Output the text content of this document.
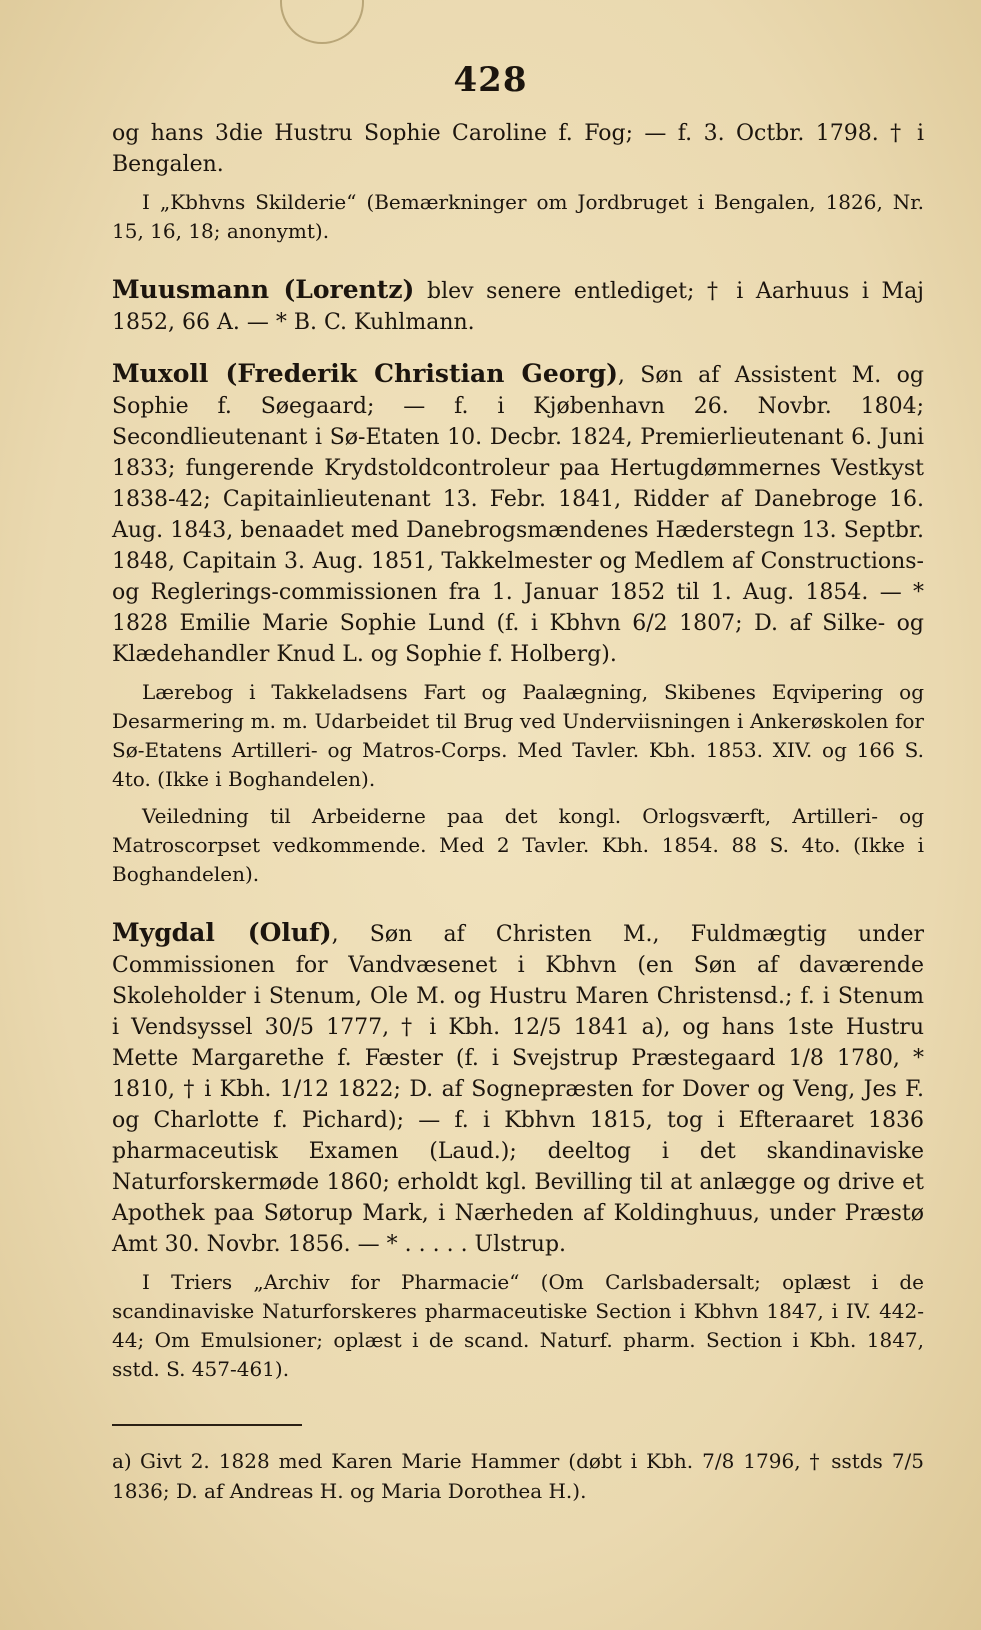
428

og hans 3die Hustru Sophie Caroline f. Fog; — f. 3. Octbr. 1798. † i Bengalen.

I „Kbhvns Skilderie“ (Bemærkninger om Jordbruget i Bengalen, 1826, Nr. 15, 16, 18; anonymt).

Muusmann (Lorentz) blev senere entlediget; † i Aarhuus i Maj 1852, 66 A. — * B. C. Kuhlmann.

Muxoll (Frederik Christian Georg), Søn af Assistent M. og Sophie f. Søegaard; — f. i Kjøbenhavn 26. Novbr. 1804; Secondlieutenant i Sø-Etaten 10. Decbr. 1824, Premierlieutenant 6. Juni 1833; fungerende Krydstoldcontroleur paa Hertugdømmernes Vestkyst 1838-42; Capitainlieutenant 13. Febr. 1841, Ridder af Danebroge 16. Aug. 1843, benaadet med Danebrogsmændenes Hæderstegn 13. Septbr. 1848, Capitain 3. Aug. 1851, Takkelmester og Medlem af Constructions- og Reglerings-commissionen fra 1. Januar 1852 til 1. Aug. 1854. — * 1828 Emilie Marie Sophie Lund (f. i Kbhvn 6/2 1807; D. af Silke- og Klædehandler Knud L. og Sophie f. Holberg).

Lærebog i Takkeladsens Fart og Paalægning, Skibenes Eqvipering og Desarmering m. m. Udarbeidet til Brug ved Underviisningen i Ankerøskolen for Sø-Etatens Artilleri- og Matros-Corps. Med Tavler. Kbh. 1853. XIV. og 166 S. 4to. (Ikke i Boghandelen).

Veiledning til Arbeiderne paa det kongl. Orlogsværft, Artilleri- og Matroscorpset vedkommende. Med 2 Tavler. Kbh. 1854. 88 S. 4to. (Ikke i Boghandelen).

Mygdal (Oluf), Søn af Christen M., Fuldmægtig under Commissionen for Vandvæsenet i Kbhvn (en Søn af daværende Skoleholder i Stenum, Ole M. og Hustru Maren Christensd.; f. i Stenum i Vendsyssel 30/5 1777, † i Kbh. 12/5 1841 a), og hans 1ste Hustru Mette Margarethe f. Fæster (f. i Svejstrup Præstegaard 1/8 1780, * 1810, † i Kbh. 1/12 1822; D. af Sognepræsten for Dover og Veng, Jes F. og Charlotte f. Pichard); — f. i Kbhvn 1815, tog i Efteraaret 1836 pharmaceutisk Examen (Laud.); deeltog i det skandinaviske Naturforskermøde 1860; erholdt kgl. Bevilling til at anlægge og drive et Apothek paa Søtorup Mark, i Nærheden af Koldinghuus, under Præstø Amt 30. Novbr. 1856. — * . . . . . Ulstrup.

I Triers „Archiv for Pharmacie“ (Om Carlsbadersalt; oplæst i de scandinaviske Naturforskeres pharmaceutiske Section i Kbhvn 1847, i IV. 442-44; Om Emulsioner; oplæst i de scand. Naturf. pharm. Section i Kbh. 1847, sstd. S. 457-461).

a) Givt 2. 1828 med Karen Marie Hammer (døbt i Kbh. 7/8 1796, † sstds 7/5 1836; D. af Andreas H. og Maria Dorothea H.).
